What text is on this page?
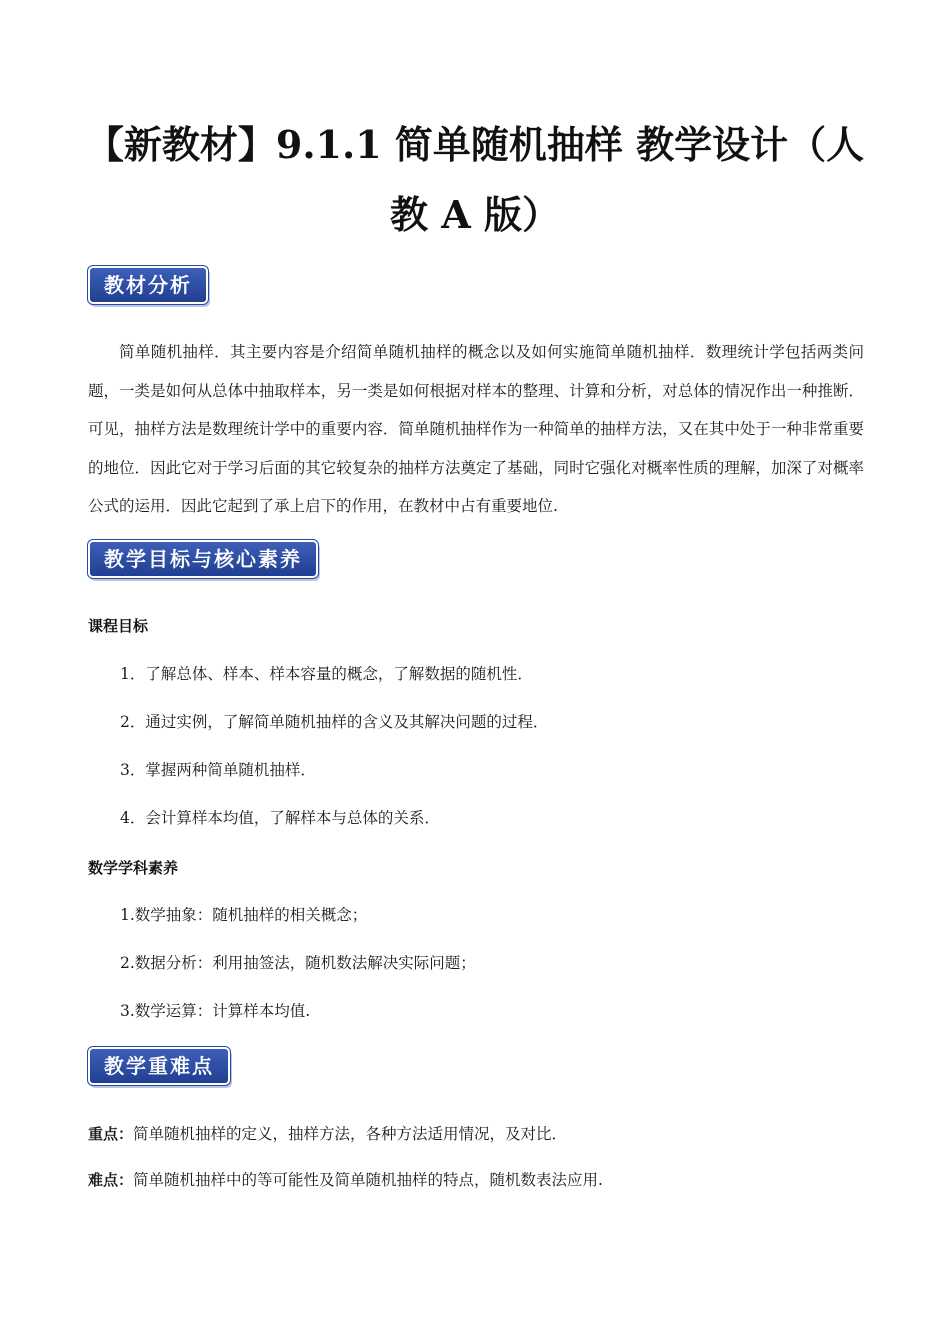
【新教材】9.1.1 简单随机抽样 教学设计（人
教 A 版）
教材分析

简单随机抽样．其主要内容是介绍简单随机抽样的概念以及如何实施简单随机抽样．数理统计学包括两类问题，一类是如何从总体中抽取样本，另一类是如何根据对样本的整理、计算和分析，对总体的情况作出一种推断．可见，抽样方法是数理统计学中的重要内容．简单随机抽样作为一种简单的抽样方法，又在其中处于一种非常重要的地位．因此它对于学习后面的其它较复杂的抽样方法奠定了基础，同时它强化对概率性质的理解，加深了对概率公式的运用．因此它起到了承上启下的作用，在教材中占有重要地位.

教学目标与核心素养
课程目标
1．了解总体、样本、样本容量的概念，了解数据的随机性．
2．通过实例，了解简单随机抽样的含义及其解决问题的过程．
3．掌握两种简单随机抽样．
4．会计算样本均值，了解样本与总体的关系．
数学学科素养
1.数学抽象：随机抽样的相关概念；
2.数据分析：利用抽签法，随机数法解决实际问题；
3.数学运算：计算样本均值.
教学重难点
重点：简单随机抽样的定义，抽样方法，各种方法适用情况，及对比．
难点：简单随机抽样中的等可能性及简单随机抽样的特点，随机数表法应用.
